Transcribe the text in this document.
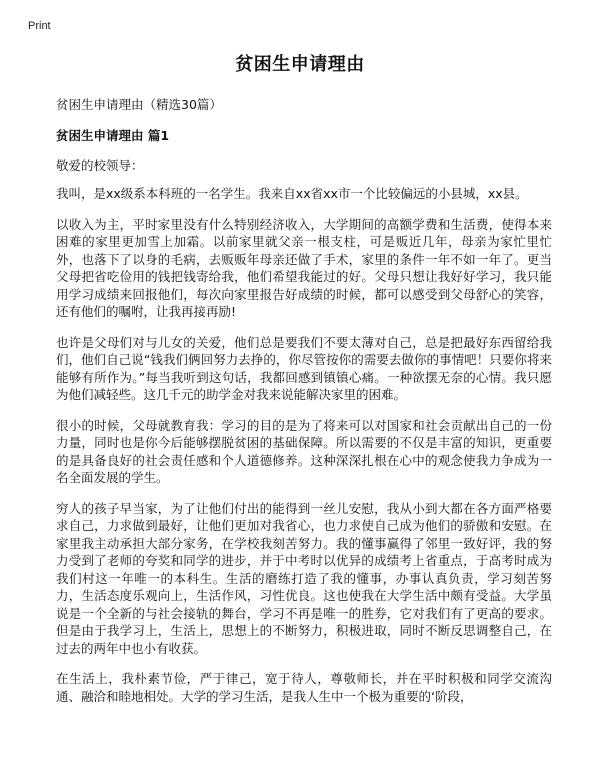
Print
贫困生申请理由
贫困生申请理由（精选30篇）
贫困生申请理由 篇1
敬爱的校领导：

我叫，是xx级系本科班的一名学生。我来自xx省xx市一个比较偏远的小县城，xx县。

以收入为主，平时家里没有什么特别经济收入，大学期间的高额学费和生活费，使得本来困难的家里更加雪上加霜。以前家里就父亲一根支柱，可是贩近几年，母亲为家忙里忙外，也落下了以身的毛病，去贩贩年母亲还做了手术，家里的条件一年不如一年了。更当父母把省吃俭用的钱把钱寄给我，他们希望我能过的好。父母只想让我好好学习，我只能用学习成绩来回报他们，每次向家里报告好成绩的时候，都可以感受到父母舒心的笑容，还有他们的嘱咐，让我再接再励!

也许是父母们对与儿女的关爱，他们总是要我们不要太薄对自己，总是把最好东西留给我们，他们自己说“钱我们俩回努力去挣的，你尽管按你的需要去做你的事情吧！只要你将来能够有所作为。”每当我听到这句话，我都回感到镇镇心痛。一种欲摆无奈的心情。我只愿为他们减轻些。这几千元的助学金对我来说能解决家里的困难。

很小的时候，父母就教育我：学习的目的是为了将来可以对国家和社会贡献出自己的一份力量，同时也是你今后能够摆脱贫困的基础保障。所以需要的不仅是丰富的知识，更重要的是具备良好的社会责任感和个人道德修养。这种深深扎根在心中的观念使我力争成为一名全面发展的学生。

穷人的孩子早当家，为了让他们付出的能得到一丝儿安慰，我从小到大都在各方面严格要求自己，力求做到最好，让他们更加对我省心，也力求使自己成为他们的骄傲和安慰。在家里我主动承担大部分家务，在学校我刻苦努力。我的懂事赢得了邻里一致好评，我的努力受到了老师的夸奖和同学的进步，并于中考时以优异的成绩考上省重点，于高考时成为我们村这一年唯一的本科生。生活的磨练打造了我的懂事，办事认真负责，学习刻苦努力，生活态度乐观向上，生活作风，习性优良。这也使我在大学生活中颇有受益。大学虽说是一个全新的与社会接轨的舞台，学习不再是唯一的胜券，它对我们有了更高的要求。但是由于我学习上，生活上，思想上的不断努力，积极进取，同时不断反思调整自己，在过去的两年中也小有收获。

在生活上，我朴素节俭，严于律己，宽于待人，尊敬师长，并在平时积极和同学交流沟通、融洽和睦地相处。大学的学习生活，是我人生中一个极为重要的‘阶段，
